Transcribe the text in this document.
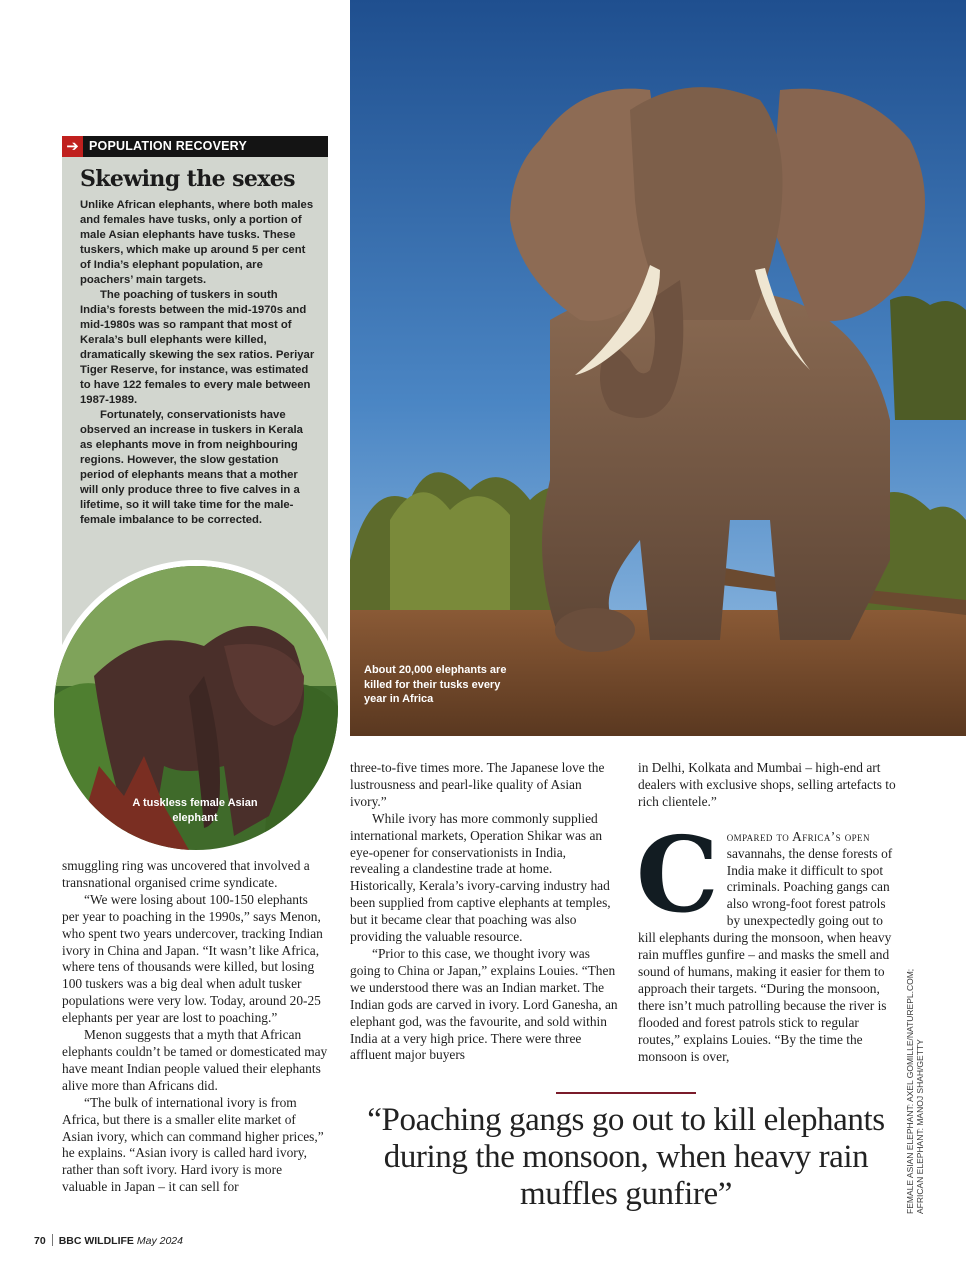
➔ POPULATION RECOVERY
Skewing the sexes

Unlike African elephants, where both males and females have tusks, only a portion of male Asian elephants have tusks. These tuskers, which make up around 5 per cent of India’s elephant population, are poachers’ main targets.

The poaching of tuskers in south India’s forests between the mid-1970s and mid-1980s was so rampant that most of Kerala’s bull elephants were killed, dramatically skewing the sex ratios. Periyar Tiger Reserve, for instance, was estimated to have 122 females to every male between 1987-1989.

Fortunately, conservationists have observed an increase in tuskers in Kerala as elephants move in from neighbouring regions. However, the slow gestation period of elephants means that a mother will only produce three to five calves in a lifetime, so it will take time for the male-female imbalance to be corrected.

About 20,000 elephants are killed for their tusks every year in Africa
A tuskless female Asian elephant

smuggling ring was uncovered that involved a transnational organised crime syndicate.

“We were losing about 100-150 elephants per year to poaching in the 1990s,” says Menon, who spent two years undercover, tracking Indian ivory in China and Japan. “It wasn’t like Africa, where tens of thousands were killed, but losing 100 tuskers was a big deal when adult tusker populations were very low. Today, around 20-25 elephants per year are lost to poaching.”

Menon suggests that a myth that African elephants couldn’t be tamed or domesticated may have meant Indian people valued their elephants alive more than Africans did.

“The bulk of international ivory is from Africa, but there is a smaller elite market of Asian ivory, which can command higher prices,” he explains. “Asian ivory is called hard ivory, rather than soft ivory. Hard ivory is more valuable in Japan – it can sell for

three-to-five times more. The Japanese love the lustrousness and pearl-like quality of Asian ivory.”

While ivory has more commonly supplied international markets, Operation Shikar was an eye-opener for conservationists in India, revealing a clandestine trade at home. Historically, Kerala’s ivory-carving industry had been supplied from captive elephants at temples, but it became clear that poaching was also providing the valuable resource.

“Prior to this case, we thought ivory was going to China or Japan,” explains Louies. “Then we understood there was an Indian market. The Indian gods are carved in ivory. Lord Ganesha, an elephant god, was the favourite, and sold within India at a very high price. There were three affluent major buyers

in Delhi, Kolkata and Mumbai – high-end art dealers with exclusive shops, selling artefacts to rich clientele.”

Compared to Africa’s open savannahs, the dense forests of India make it difficult to spot criminals. Poaching gangs can also wrong-foot forest patrols by unexpectedly going out to kill elephants during the monsoon, when heavy rain muffles gunfire – and masks the smell and sound of humans, making it easier for them to approach their targets. “During the monsoon, there isn’t much patrolling because the river is flooded and forest patrols stick to regular routes,” explains Louies. “By the time the monsoon is over,

“Poaching gangs go out to kill elephants during the monsoon, when heavy rain muffles gunfire”	FEMALE ASIAN ELEPHANT: AXEL GOMILLE/NATUREPL.COM; AFRICAN ELEPHANT: MANOJ SHAH/GETTY
70 BBC WILDLIFE May 2024
